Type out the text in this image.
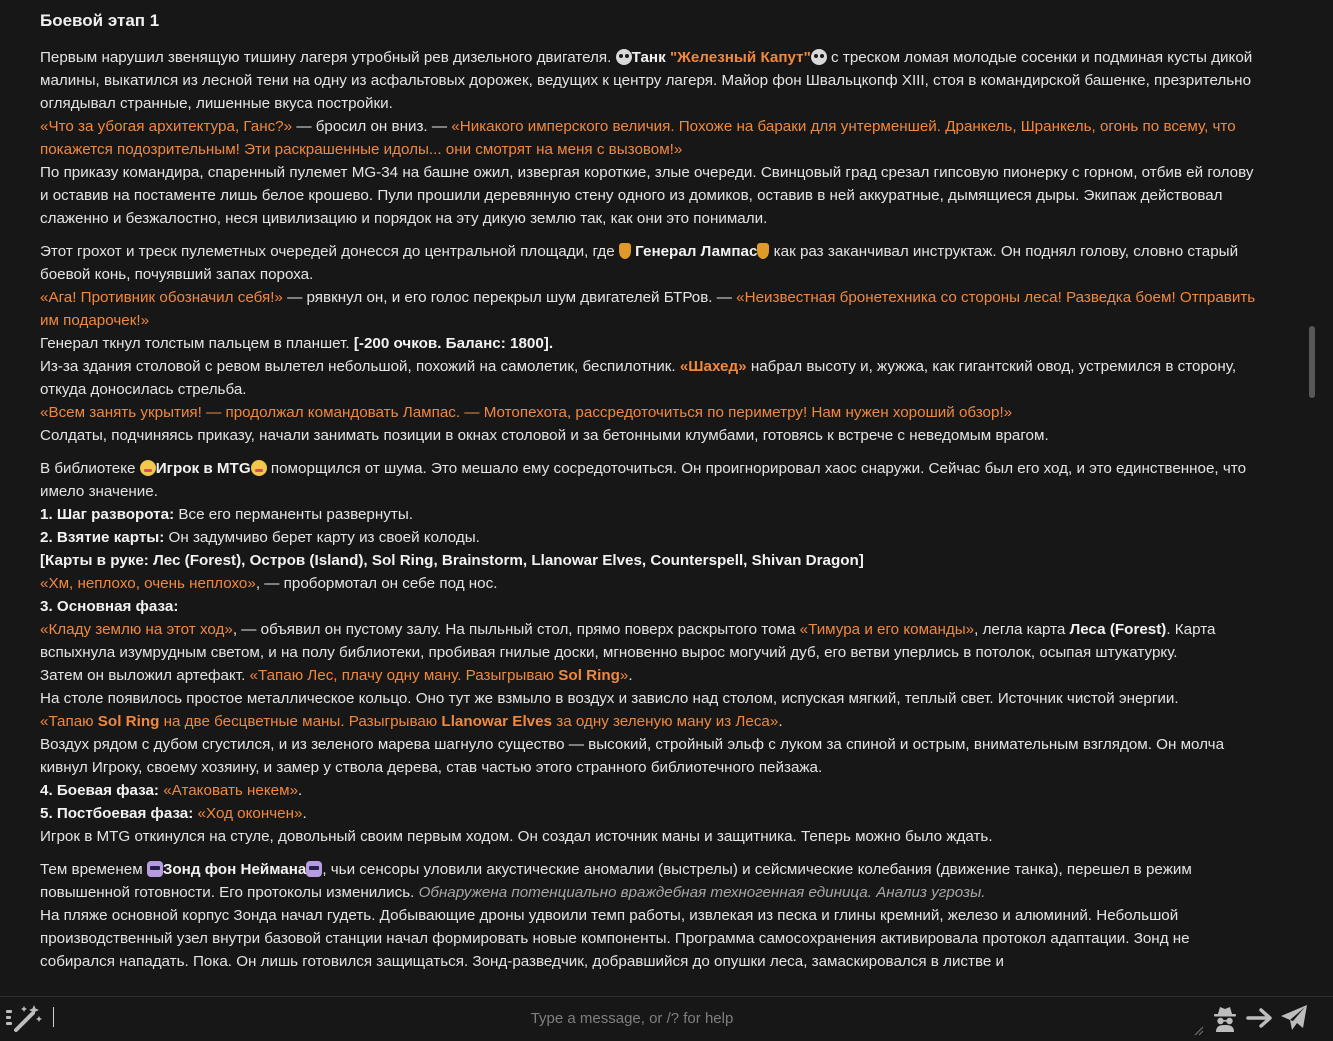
Боевой этап 1

Первым нарушил звенящую тишину лагеря утробный рев дизельного двигателя. Танк "Железный Капут" с треском ломая молодые сосенки и подминая кусты дикой малины, выкатился из лесной тени на одну из асфальтовых дорожек, ведущих к центру лагеря. Майор фон Швальцкопф XIII, стоя в командирской башенке, презрительно оглядывал странные, лишенные вкуса постройки.
«Что за убогая архитектура, Ганс?» — бросил он вниз. — «Никакого имперского величия. Похоже на бараки для унтерменшей. Дранкель, Шранкель, огонь по всему, что покажется подозрительным! Эти раскрашенные идолы... они смотрят на меня с вызовом!»
По приказу командира, спаренный пулемет MG-34 на башне ожил, извергая короткие, злые очереди. Свинцовый град срезал гипсовую пионерку с горном, отбив ей голову и оставив на постаменте лишь белое крошево. Пули прошили деревянную стену одного из домиков, оставив в ней аккуратные, дымящиеся дыры. Экипаж действовал слаженно и безжалостно, неся цивилизацию и порядок на эту дикую землю так, как они это понимали.

Этот грохот и треск пулеметных очередей донесся до центральной площади, где Генерал Лампас как раз заканчивал инструктаж. Он поднял голову, словно старый боевой конь, почуявший запах пороха.
«Ага! Противник обозначил себя!» — рявкнул он, и его голос перекрыл шум двигателей БТРов. — «Неизвестная бронетехника со стороны леса! Разведка боем! Отправить им подарочек!»
Генерал ткнул толстым пальцем в планшет. [-200 очков. Баланс: 1800].
Из-за здания столовой с ревом вылетел небольшой, похожий на самолетик, беспилотник. «Шахед» набрал высоту и, жужжа, как гигантский овод, устремился в сторону, откуда доносилась стрельба.
«Всем занять укрытия! — продолжал командовать Лампас. — Мотопехота, рассредоточиться по периметру! Нам нужен хороший обзор!»
Солдаты, подчиняясь приказу, начали занимать позиции в окнах столовой и за бетонными клумбами, готовясь к встрече с неведомым врагом.

В библиотеке Игрок в MTG поморщился от шума. Это мешало ему сосредоточиться. Он проигнорировал хаос снаружи. Сейчас был его ход, и это единственное, что имело значение.
1. Шаг разворота: Все его перманенты развернуты.
2. Взятие карты: Он задумчиво берет карту из своей колоды.
[Карты в руке: Лес (Forest), Остров (Island), Sol Ring, Brainstorm, Llanowar Elves, Counterspell, Shivan Dragon]
«Хм, неплохо, очень неплохо», — пробормотал он себе под нос.
3. Основная фаза:
«Кладу землю на этот ход», — объявил он пустому залу. На пыльный стол, прямо поверх раскрытого тома «Тимура и его команды», легла карта Леса (Forest). Карта вспыхнула изумрудным светом, и на полу библиотеки, пробивая гнилые доски, мгновенно вырос могучий дуб, его ветви уперлись в потолок, осыпая штукатурку.
Затем он выложил артефакт. «Тапаю Лес, плачу одну ману. Разыгрываю Sol Ring».
На столе появилось простое металлическое кольцо. Оно тут же взмыло в воздух и зависло над столом, испуская мягкий, теплый свет. Источник чистой энергии.
«Тапаю Sol Ring на две бесцветные маны. Разыгрываю Llanowar Elves за одну зеленую ману из Леса».
Воздух рядом с дубом сгустился, и из зеленого марева шагнуло существо — высокий, стройный эльф с луком за спиной и острым, внимательным взглядом. Он молча кивнул Игроку, своему хозяину, и замер у ствола дерева, став частью этого странного библиотечного пейзажа.
4. Боевая фаза: «Атаковать некем».
5. Постбоевая фаза: «Ход окончен».
Игрок в MTG откинулся на стуле, довольный своим первым ходом. Он создал источник маны и защитника. Теперь можно было ждать.

Тем временем Зонд фон Неймана , чьи сенсоры уловили акустические аномалии (выстрелы) и сейсмические колебания (движение танка), перешел в режим повышенной готовности. Его протоколы изменились. Обнаружена потенциально враждебная техногенная единица. Анализ угрозы.
На пляже основной корпус Зонда начал гудеть. Добывающие дроны удвоили темп работы, извлекая из песка и глины кремний, железо и алюминий. Небольшой производственный узел внутри базовой станции начал формировать новые компоненты. Программа самосохранения активировала протокол адаптации. Зонд не собирался нападать. Пока. Он лишь готовился защищаться. Зонд-разведчик, добравшийся до опушки леса, замаскировался в листве и

Type a message, or /? for help
